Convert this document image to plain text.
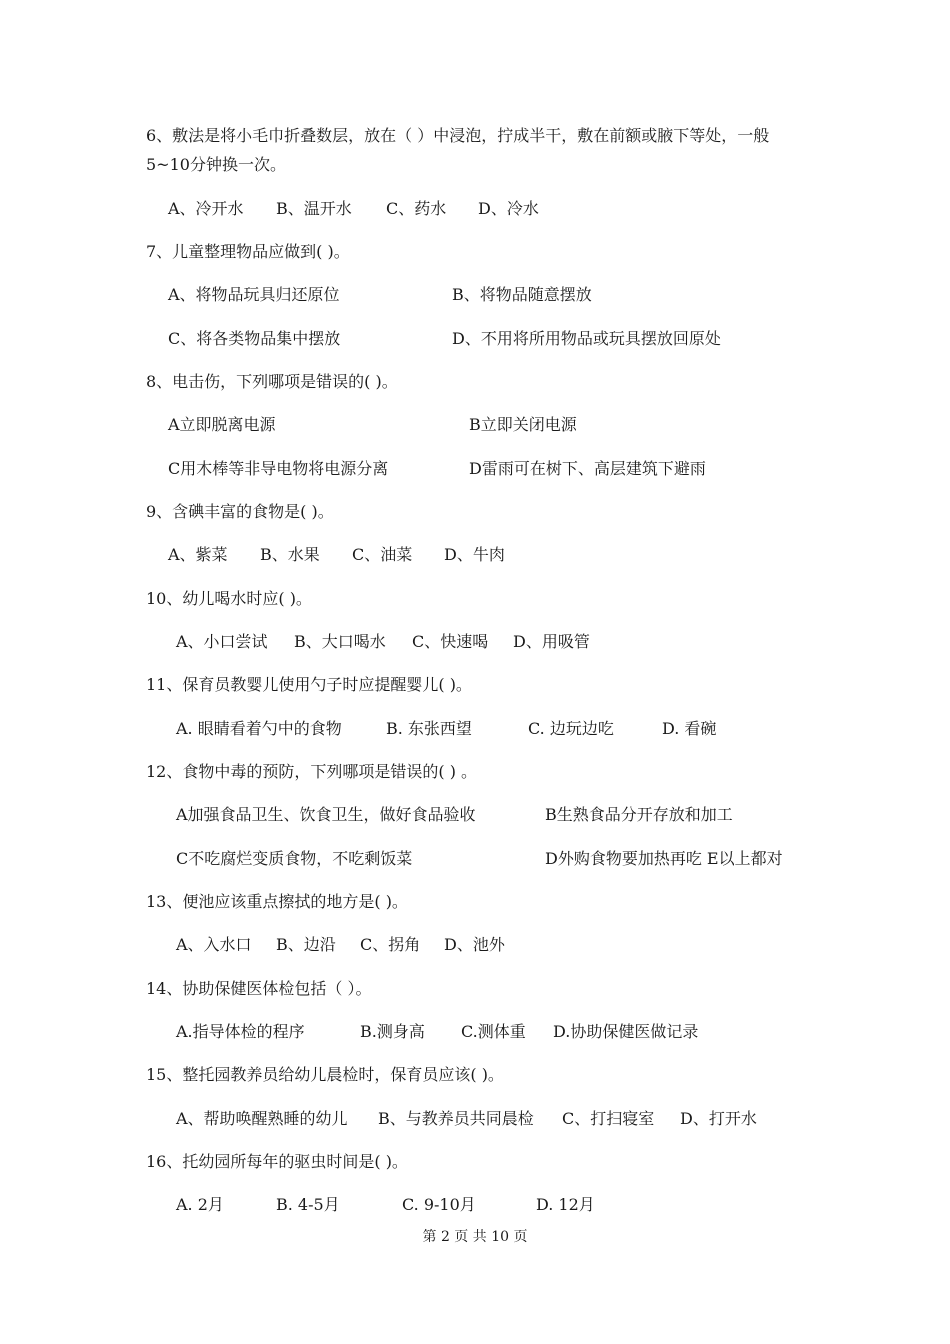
6、敷法是将小毛巾折叠数层，放在（ ）中浸泡，拧成半干，敷在前额或腋下等处，一般
5~10分钟换一次。
A、冷开水 B、温开水 C、药水 D、冷水
7、儿童整理物品应做到( )。
A、将物品玩具归还原位	B、将物品随意摆放
C、将各类物品集中摆放	D、不用将所用物品或玩具摆放回原处
8、电击伤，下列哪项是错误的( )。
A立即脱离电源	B立即关闭电源
C用木棒等非导电物将电源分离	D雷雨可在树下、高层建筑下避雨
9、含碘丰富的食物是( )。
A、紫菜 B、水果 C、油菜 D、牛肉
10、幼儿喝水时应( )。
A、小口尝试 B、大口喝水 C、快速喝 D、用吸管
11、保育员教婴儿使用勺子时应提醒婴儿( )。
A. 眼睛看着勺中的食物	B. 东张西望	C. 边玩边吃	D. 看碗
12、食物中毒的预防，下列哪项是错误的( ) 。
A加强食品卫生、饮食卫生，做好食品验收	B生熟食品分开存放和加工
C不吃腐烂变质食物，不吃剩饭菜	D外购食物要加热再吃 E以上都对
13、便池应该重点擦拭的地方是( )。
A、入水口 B、边沿 C、拐角 D、池外
14、协助保健医体检包括（ ）。
A.指导体检的程序	B.测身高 C.测体重 D.协助保健医做记录
15、整托园教养员给幼儿晨检时，保育员应该( )。
A、帮助唤醒熟睡的幼儿 B、与教养员共同晨检 C、打扫寝室 D、打开水
16、托幼园所每年的驱虫时间是( )。
A. 2月	B. 4-5月	C. 9-10月	D. 12月
第 2 页 共 10 页
